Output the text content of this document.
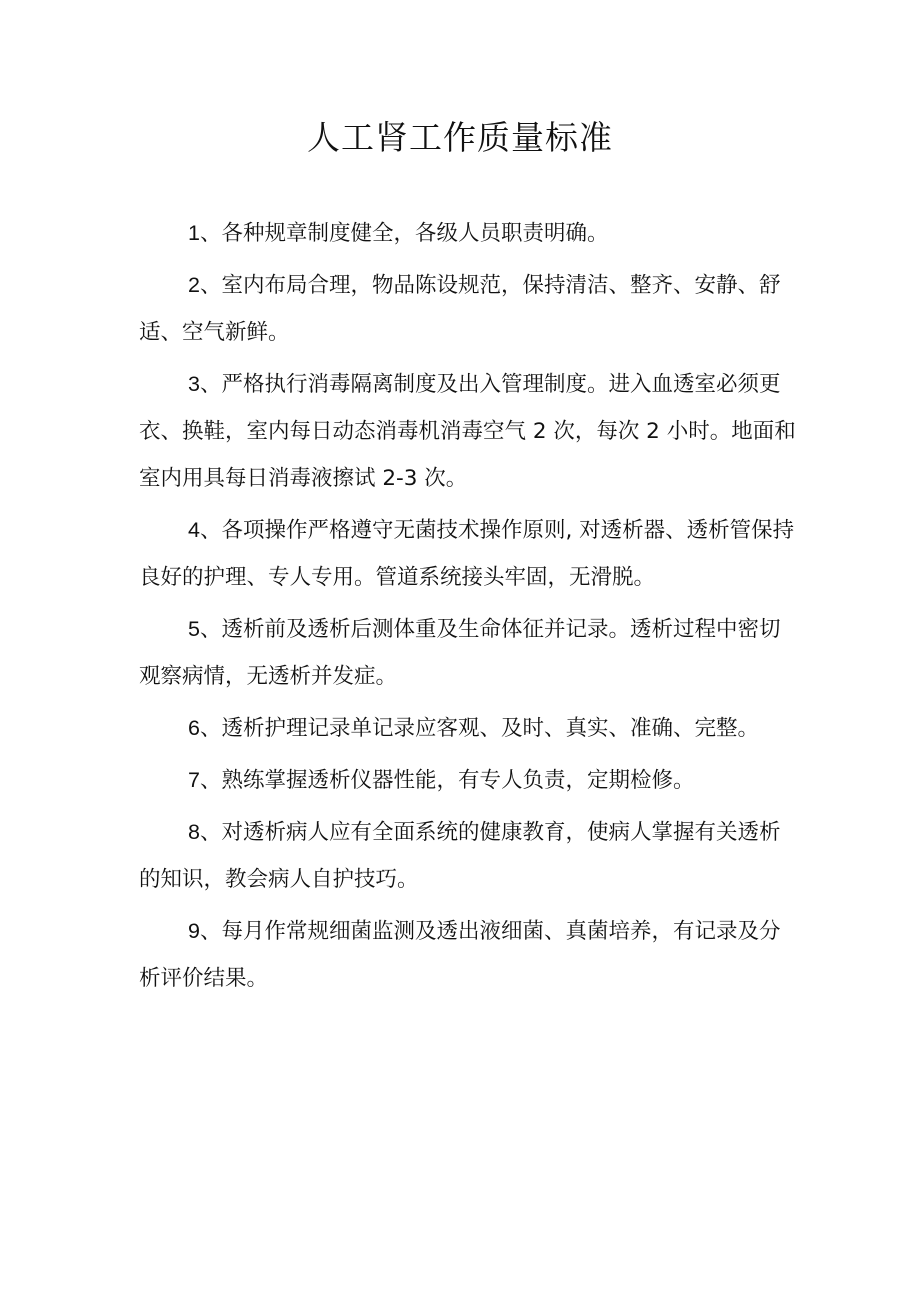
人工肾工作质量标准

1、各种规章制度健全，各级人员职责明确。

2、室内布局合理，物品陈设规范，保持清洁、整齐、安静、舒适、空气新鲜。

3、严格执行消毒隔离制度及出入管理制度。进入血透室必须更衣、换鞋，室内每日动态消毒机消毒空气 2 次，每次 2 小时。地面和室内用具每日消毒液擦试 2-3 次。

4、各项操作严格遵守无菌技术操作原则, 对透析器、透析管保持良好的护理、专人专用。管道系统接头牢固，无滑脱。

5、透析前及透析后测体重及生命体征并记录。透析过程中密切观察病情，无透析并发症。

6、透析护理记录单记录应客观、及时、真实、准确、完整。

7、熟练掌握透析仪器性能，有专人负责，定期检修。

8、对透析病人应有全面系统的健康教育，使病人掌握有关透析的知识，教会病人自护技巧。

9、每月作常规细菌监测及透出液细菌、真菌培养，有记录及分析评价结果。
